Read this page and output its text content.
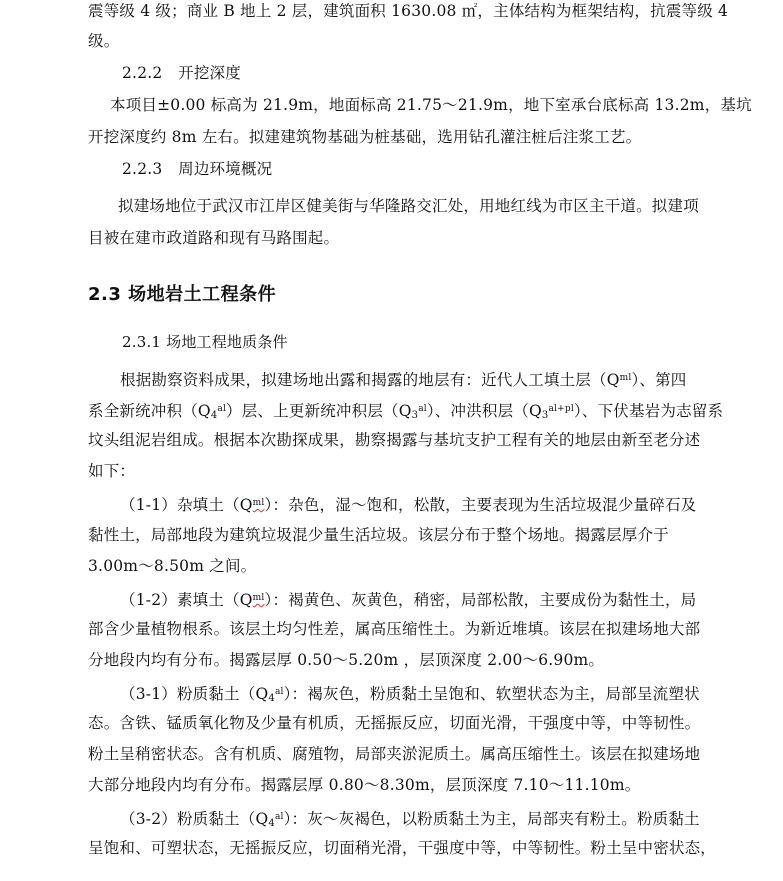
震等级 4 级；商业 B 地上 2 层，建筑面积 1630.08 ㎡，主体结构为框架结构，抗震等级 4
级。
2.2.2　开挖深度
本项目±0.00 标高为 21.9m，地面标高 21.75～21.9m，地下室承台底标高 13.2m，基坑
开挖深度约 8m 左右。拟建建筑物基础为桩基础，选用钻孔灌注桩后注浆工艺。
2.2.3　周边环境概况
拟建场地位于武汉市江岸区健美街与华隆路交汇处，用地红线为市区主干道。拟建项
目被在建市政道路和现有马路围起。
2.3 场地岩土工程条件
2.3.1 场地工程地质条件
根据勘察资料成果，拟建场地出露和揭露的地层有：近代人工填土层$(Q^{ml})$、第四
系全新统冲积$(Q_4^{al})$层、上更新统冲积层$(Q_3^{al})$、冲洪积层$(Q_3^{al+pl})$、下伏基岩为志留系
坟头组泥岩组成。根据本次勘探成果，勘察揭露与基坑支护工程有关的地层由新至老分述
如下：
（1-1）杂填土$(Q^{ml})$：杂色，湿～饱和，松散，主要表现为生活垃圾混少量碎石及
黏性土，局部地段为建筑垃圾混少量生活垃圾。该层分布于整个场地。揭露层厚介于
3.00m～8.50m 之间。
（1-2）素填土$(Q^{ml})$：褐黄色、灰黄色，稍密，局部松散，主要成份为黏性土，局
部含少量植物根系。该层土均匀性差，属高压缩性土。为新近堆填。该层在拟建场地大部
分地段内均有分布。揭露层厚 0.50～5.20m ，层顶深度 2.00～6.90m。
（3-1）粉质黏土$(Q_4^{al})$：褐灰色，粉质黏土呈饱和、软塑状态为主，局部呈流塑状
态。含铁、锰质氧化物及少量有机质，无摇振反应，切面光滑，干强度中等，中等韧性。
粉土呈稍密状态。含有机质、腐殖物，局部夹淤泥质土。属高压缩性土。该层在拟建场地
大部分地段内均有分布。揭露层厚 0.80～8.30m，层顶深度 7.10～11.10m。
（3-2）粉质黏土$(Q_4^{al})$：灰～灰褐色，以粉质黏土为主，局部夹有粉土。粉质黏土
呈饱和、可塑状态，无摇振反应，切面稍光滑，干强度中等，中等韧性。粉土呈中密状态，
